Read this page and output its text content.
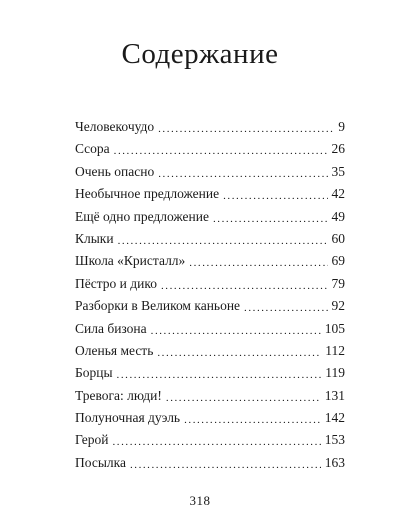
Содержание
Человекочудо . . .	9
Ссора . . .	26
Очень опасно . . .	35
Необычное предложение . . .	42
Ещё одно предложение . . .	49
Клыки . . .	60
Школа «Кристалл» . . .	69
Пёстро и дико . . .	79
Разборки в Великом каньоне . . .	92
Сила бизона . . .	105
Оленья месть . . .	112
Борцы . . .	119
Тревога: люди! . . .	131
Полуночная дуэль . . .	142
Герой . . .	153
Посылка . . .	163
318
